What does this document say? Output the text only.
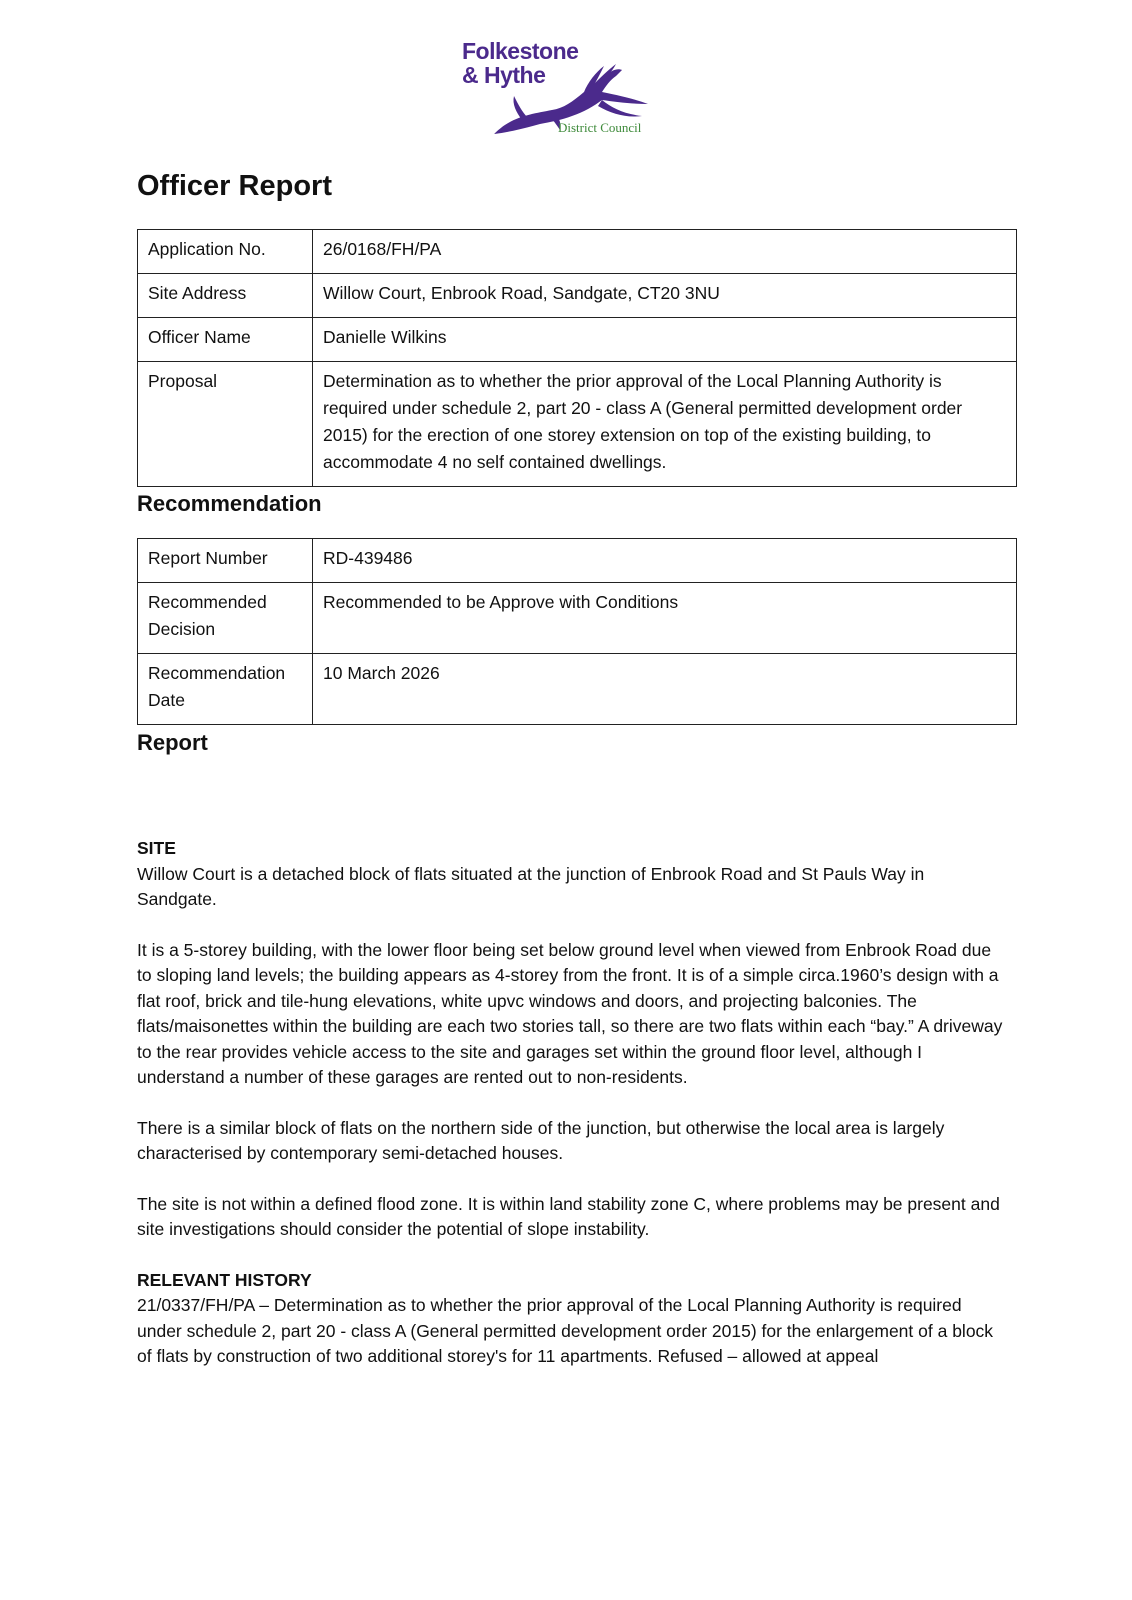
Folkestone
& Hythe
District Council
Officer Report
Application No.	26/0168/FH/PA
Site Address	Willow Court, Enbrook Road, Sandgate, CT20 3NU
Officer Name	Danielle Wilkins
Proposal	Determination as to whether the prior approval of the Local Planning Authority is required under schedule 2, part 20 - class A (General permitted development order 2015) for the erection of one storey extension on top of the existing building, to accommodate 4 no self contained dwellings.
Recommendation
Report Number	RD-439486
Recommended Decision	Recommended to be Approve with Conditions
Recommendation Date	10 March 2026
Report

SITE

Willow Court is a detached block of flats situated at the junction of Enbrook Road and St Pauls Way in Sandgate.

It is a 5-storey building, with the lower floor being set below ground level when viewed from Enbrook Road due to sloping land levels; the building appears as 4-storey from the front. It is of a simple circa.1960’s design with a flat roof, brick and tile-hung elevations, white upvc windows and doors, and projecting balconies. The flats/maisonettes within the building are each two stories tall, so there are two flats within each “bay.” A driveway to the rear provides vehicle access to the site and garages set within the ground floor level, although I understand a number of these garages are rented out to non-residents.

There is a similar block of flats on the northern side of the junction, but otherwise the local area is largely characterised by contemporary semi-detached houses.

The site is not within a defined flood zone. It is within land stability zone C, where problems may be present and site investigations should consider the potential of slope instability.

RELEVANT HISTORY

21/0337/FH/PA – Determination as to whether the prior approval of the Local Planning Authority is required under schedule 2, part 20 - class A (General permitted development order 2015) for the enlargement of a block of flats by construction of two additional storey's for 11 apartments. Refused – allowed at appeal
